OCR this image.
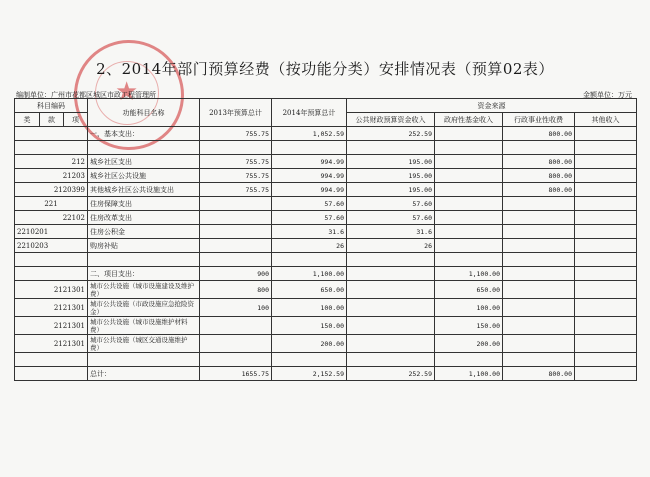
★
2、2014年部门预算经费（按功能分类）安排情况表（预算02表）
编制单位：广州市花都区城区市政工程管理所	金额单位：万元
科目编码			功能科目名称	2013年预算总计	2014年预算总计	资金来源			
类	款	项				公共财政预算资金收入	政府性基金收入	行政事业性收费	其他收入
			一、基本支出：	755.75	1,052.59	252.59		800.00	

212			城乡社区支出	755.75	994.99	195.00		800.00	
21203			城乡社区公共设施	755.75	994.99	195.00		800.00	
2120399			其他城乡社区公共设施支出	755.75	994.99	195.00		800.00	
221			住房保障支出		57.60	57.60			
22102			住房改革支出		57.60	57.60			
2210201			住房公积金		31.6	31.6			
2210203			购房补贴		26	26			

			二、项目支出：	900	1,100.00		1,100.00		
2121301			城市公共设施（城市设施建设及维护费）	800	650.00		650.00		
2121301			城市公共设施（市政设施应急抢险资金）	100	100.00		100.00		
2121301			城市公共设施（城市设施维护材料费）		150.00		150.00		
2121301			城市公共设施（城区交通设施维护费）		200.00		200.00		

			总计：	1655.75	2,152.59	252.59	1,100.00	800.00	
